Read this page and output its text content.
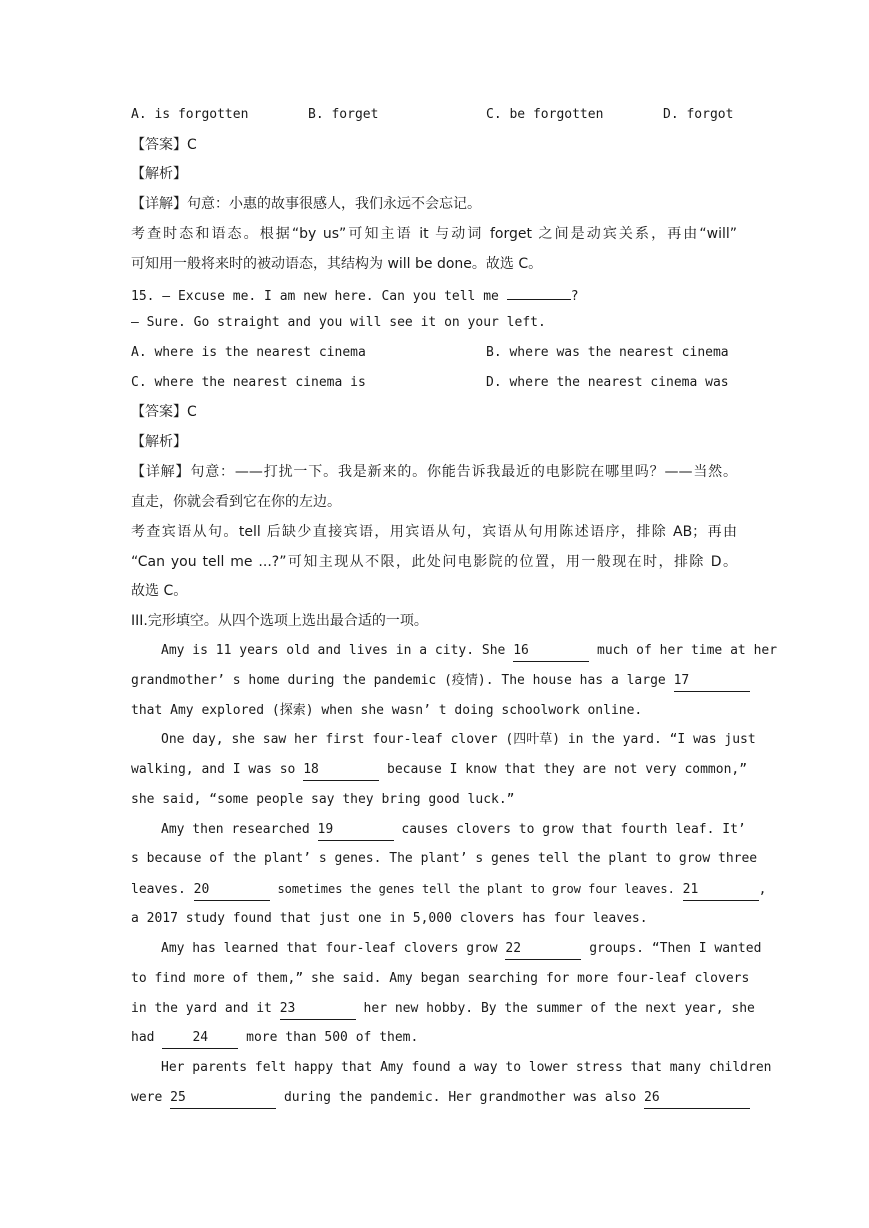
A. is forgotten	B. forget	C. be forgotten	D. forgot
【答案】C
【解析】
【详解】句意：小惠的故事很感人，我们永远不会忘记。
考查时态和语态。根据“by us”可知主语 it 与动词 forget 之间是动宾关系，再由“will”
可知用一般将来时的被动语态，其结构为 will be done。故选 C。
15. — Excuse me. I am new here. Can you tell me	?
— Sure. Go straight and you will see it on your left.
A. where is the nearest cinema	B. where was the nearest cinema
C. where the nearest cinema is	D. where the nearest cinema was
【答案】C
【解析】
【详解】句意：——打扰一下。我是新来的。你能告诉我最近的电影院在哪里吗？——当然。
直走，你就会看到它在你的左边。
考查宾语从句。tell 后缺少直接宾语，用宾语从句，宾语从句用陈述语序，排除 AB；再由
“Can you tell me ...?”可知主现从不限，此处问电影院的位置，用一般现在时，排除 D。
故选 C。
III.完形填空。从四个选项上选出最合适的一项。
Amy is 11 years old and lives in a city. She 16	much of her time at her
grandmother’ s home during the pandemic (疫情). The house has a large 17
that Amy explored (探索) when she wasn’ t doing schoolwork online.
One day, she saw her first four-leaf clover (四叶草) in the yard. “I was just
walking, and I was so 18	because I know that they are not very common,”
she said, “some people say they bring good luck.”
Amy then researched 19	causes clovers to grow that fourth leaf. It’
s because of the plant’ s genes. The plant’ s genes tell the plant to grow three
leaves. 20	sometimes the genes tell the plant to grow four leaves. 21	,
a 2017 study found that just one in 5,000 clovers has four leaves.
Amy has learned that four-leaf clovers grow 22	groups. “Then I wanted
to find more of them,” she said. Amy began searching for more four-leaf clovers
in the yard and it 23	her new hobby. By the summer of the next year, she
had	24	more than 500 of them.
Her parents felt happy that Amy found a way to lower stress that many children
were 25	during the pandemic. Her grandmother was also 26
